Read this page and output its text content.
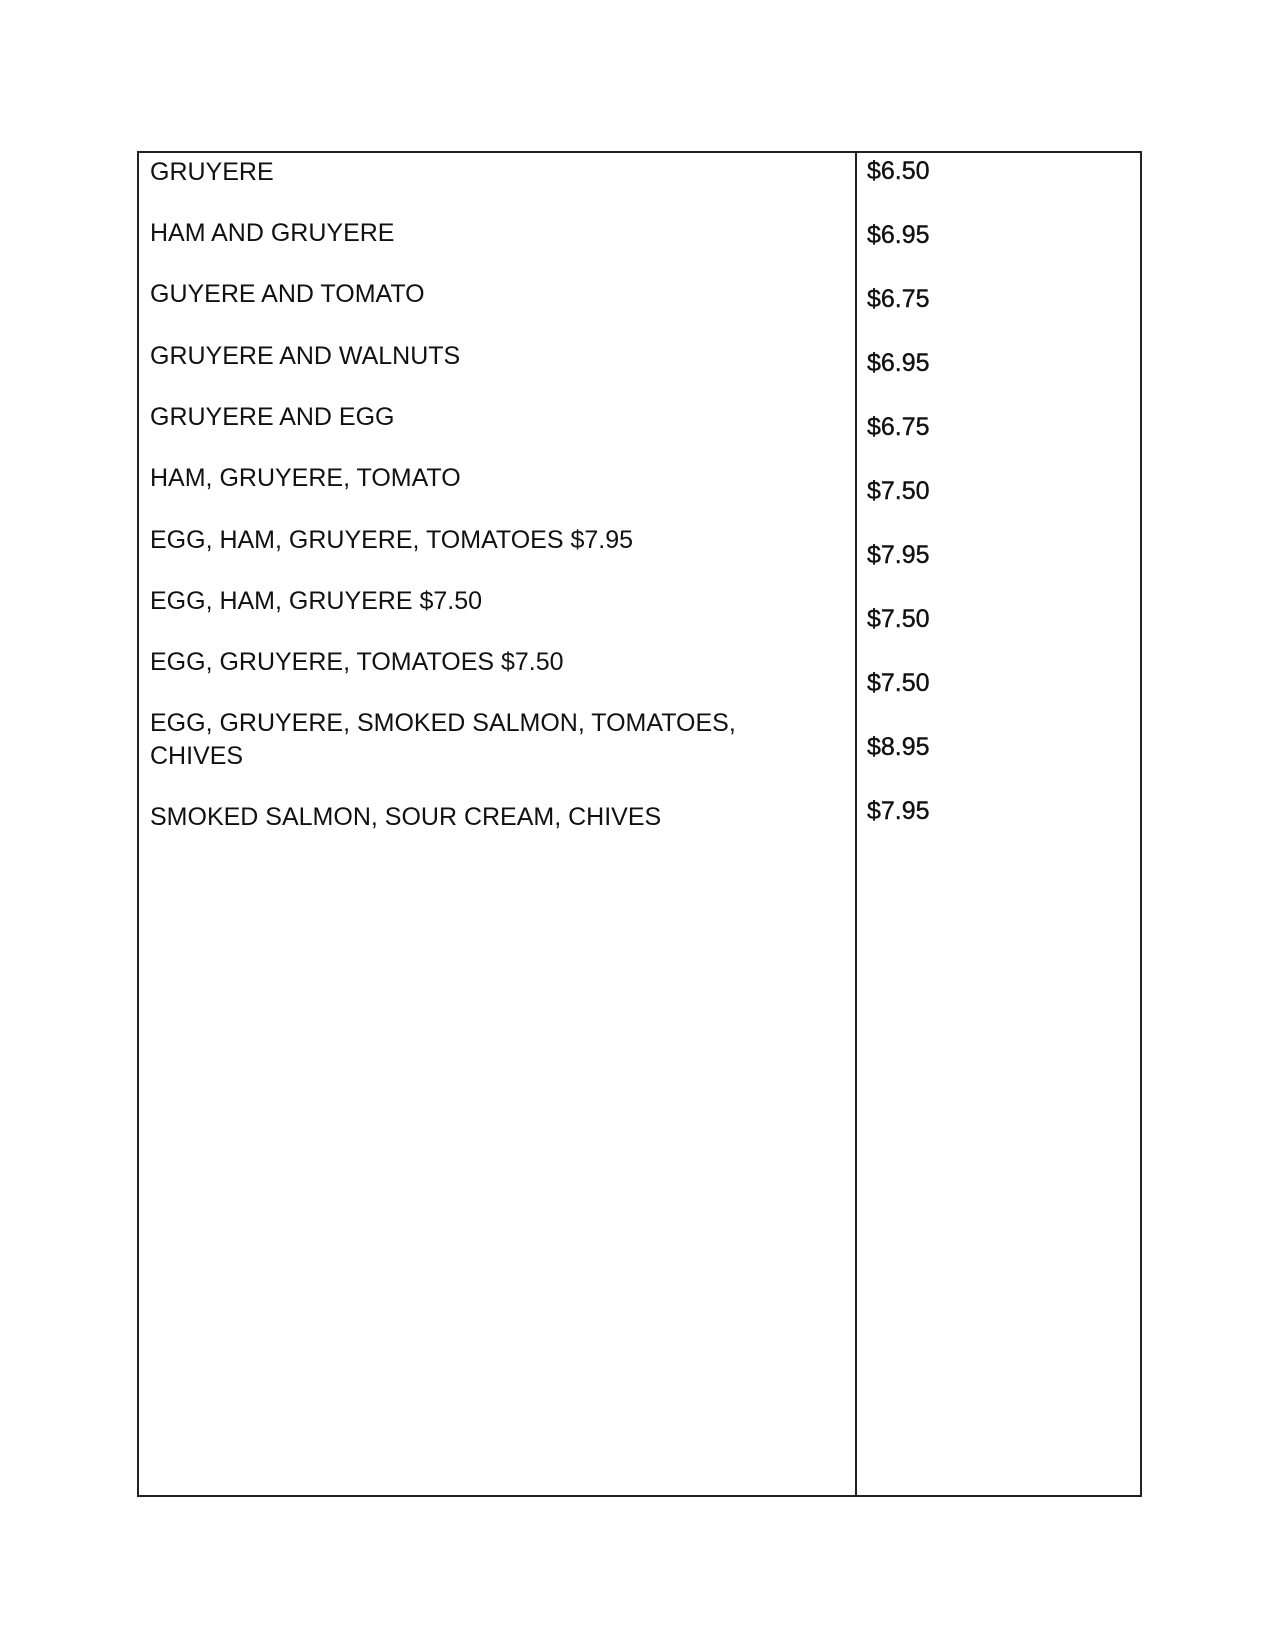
GRUYERE
HAM AND GRUYERE
GUYERE AND TOMATO
GRUYERE AND WALNUTS
GRUYERE AND EGG
HAM, GRUYERE, TOMATO
EGG, HAM, GRUYERE, TOMATOES $7.95
EGG, HAM, GRUYERE $7.50
EGG, GRUYERE, TOMATOES $7.50
EGG, GRUYERE, SMOKED SALMON, TOMATOES, CHIVES
SMOKED SALMON, SOUR CREAM, CHIVES
$6.50
$6.95
$6.75
$6.95
$6.75
$7.50
$7.95
$7.50
$7.50
$8.95
$7.95
